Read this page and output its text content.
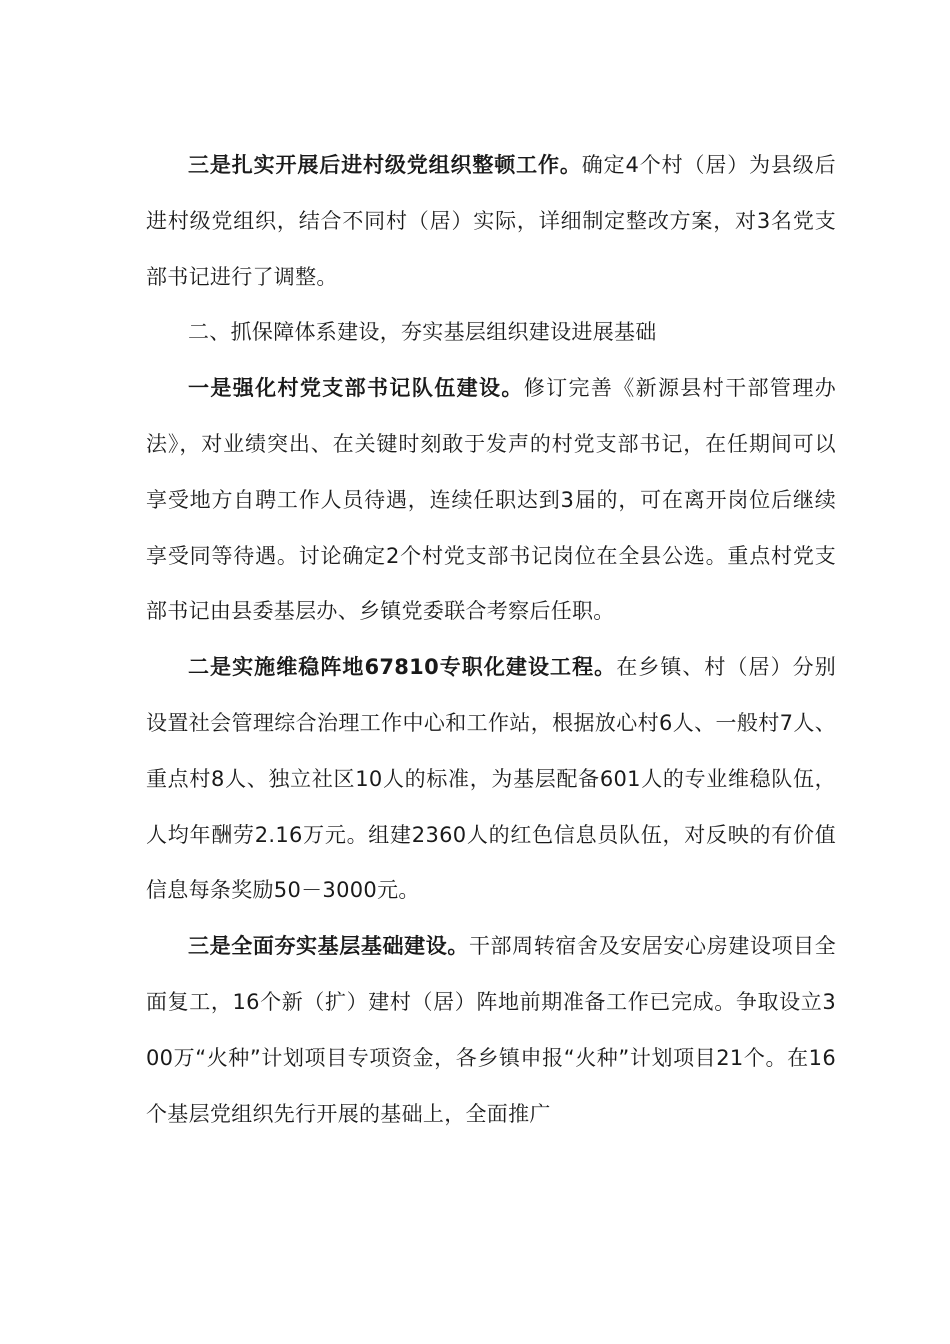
三是扎实开展后进村级党组织整顿工作。确定4个村（居）为县级后进村级党组织，结合不同村（居）实际，详细制定整改方案，对3名党支部书记进行了调整。

二、抓保障体系建设，夯实基层组织建设进展基础

一是强化村党支部书记队伍建设。修订完善《新源县村干部管理办法》，对业绩突出、在关键时刻敢于发声的村党支部书记，在任期间可以享受地方自聘工作人员待遇，连续任职达到3届的，可在离开岗位后继续享受同等待遇。讨论确定2个村党支部书记岗位在全县公选。重点村党支部书记由县委基层办、乡镇党委联合考察后任职。

二是实施维稳阵地67810专职化建设工程。在乡镇、村（居）分别设置社会管理综合治理工作中心和工作站，根据放心村6人、一般村7人、重点村8人、独立社区10人的标准，为基层配备601人的专业维稳队伍，人均年酬劳2.16万元。组建2360人的红色信息员队伍，对反映的有价值信息每条奖励50－3000元。

三是全面夯实基层基础建设。干部周转宿舍及安居安心房建设项目全面复工，16个新（扩）建村（居）阵地前期准备工作已完成。争取设立300万“火种”计划项目专项资金，各乡镇申报“火种”计划项目21个。在16个基层党组织先行开展的基础上，全面推广
